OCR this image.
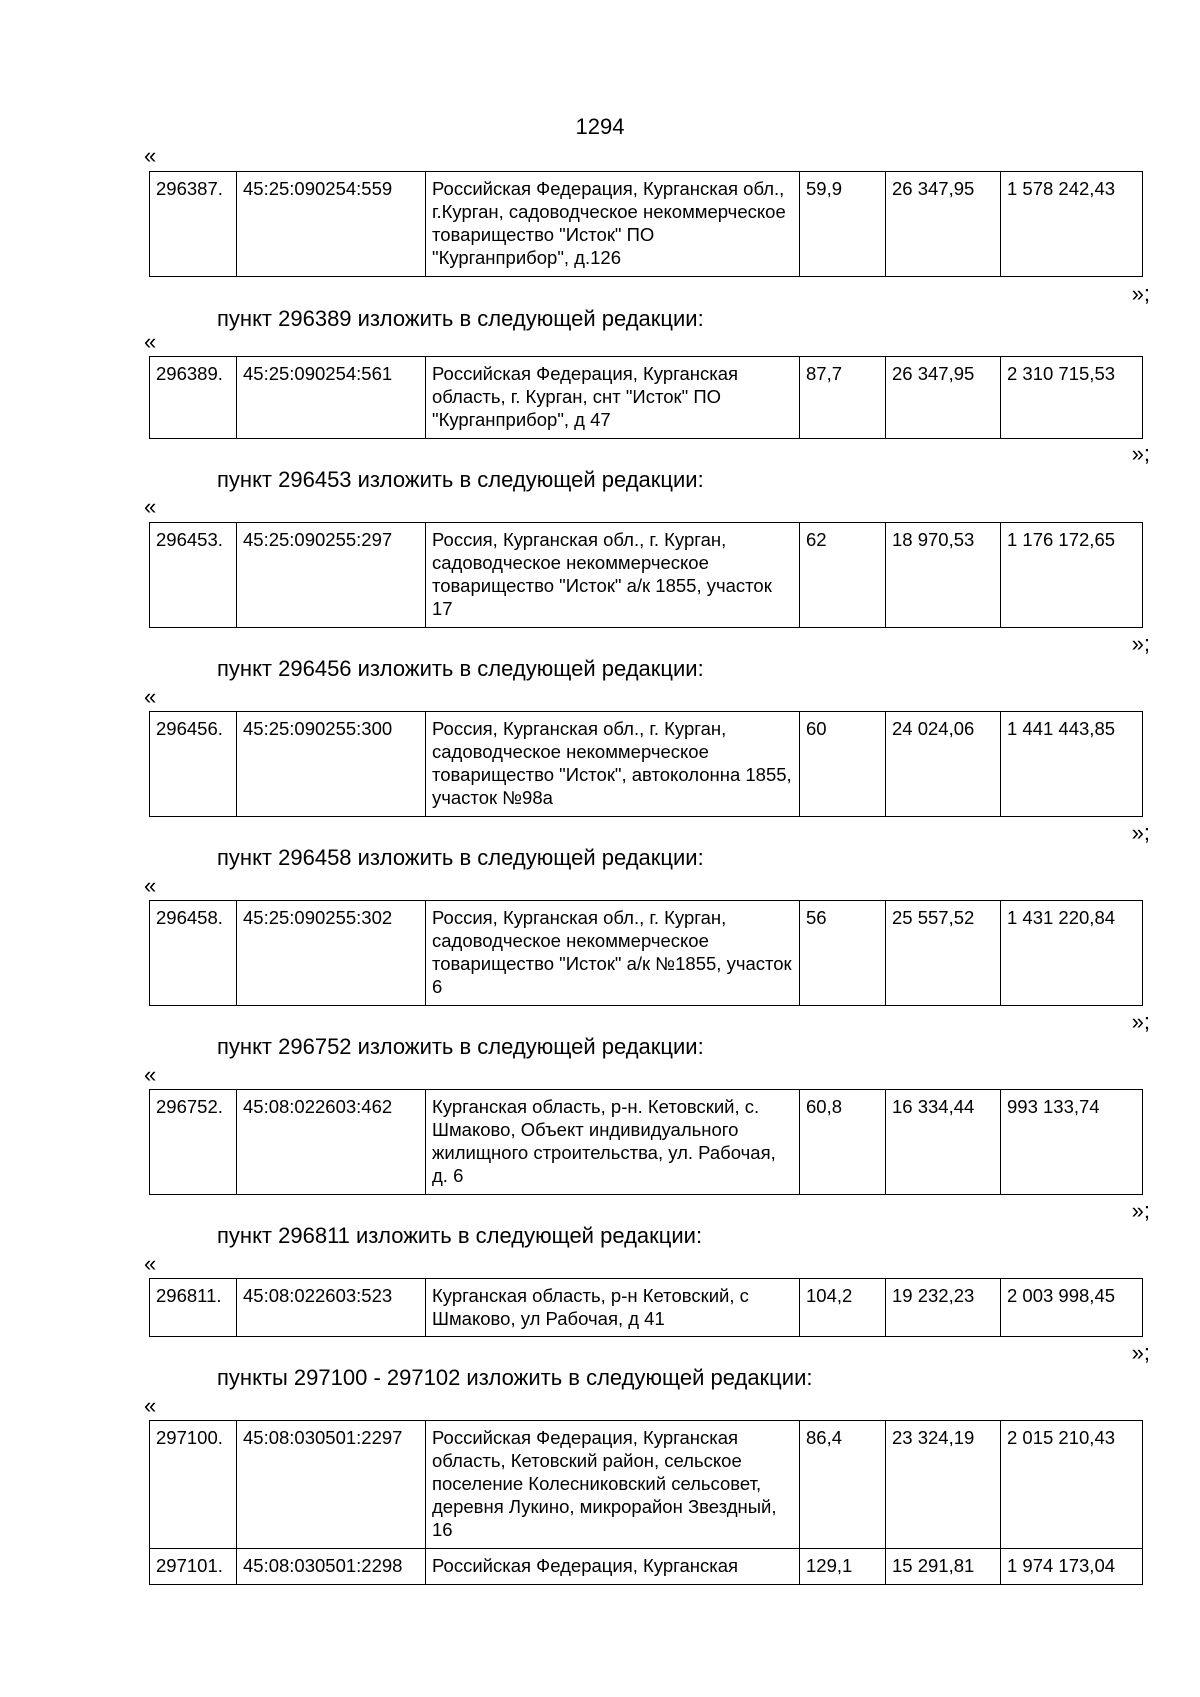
1294
«
296387.	45:25:090254:559	Российская Федерация, Курганская обл., г.Курган, садоводческое некоммерческое товарищество "Исток" ПО "Курганприбор", д.126	59,9	26 347,95	1 578 242,43
»;
пункт 296389 изложить в следующей редакции:
«
296389.	45:25:090254:561	Российская Федерация, Курганская область, г. Курган, снт "Исток" ПО "Курганприбор", д 47	87,7	26 347,95	2 310 715,53
»;
пункт 296453 изложить в следующей редакции:
«
296453.	45:25:090255:297	Россия, Курганская обл., г. Курган, садоводческое некоммерческое товарищество "Исток" а/к 1855, участок 17	62	18 970,53	1 176 172,65
»;
пункт 296456 изложить в следующей редакции:
«
296456.	45:25:090255:300	Россия, Курганская обл., г. Курган, садоводческое некоммерческое товарищество "Исток", автоколонна 1855, участок №98а	60	24 024,06	1 441 443,85
»;
пункт 296458 изложить в следующей редакции:
«
296458.	45:25:090255:302	Россия, Курганская обл., г. Курган, садоводческое некоммерческое товарищество "Исток" а/к №1855, участок 6	56	25 557,52	1 431 220,84
»;
пункт 296752 изложить в следующей редакции:
«
296752.	45:08:022603:462	Курганская область, р-н. Кетовский, с. Шмаково, Объект индивидуального жилищного строительства, ул. Рабочая, д. 6	60,8	16 334,44	993 133,74
»;
пункт 296811 изложить в следующей редакции:
«
296811.	45:08:022603:523	Курганская область, р-н Кетовский, с Шмаково, ул Рабочая, д 41	104,2	19 232,23	2 003 998,45
»;
пункты 297100 - 297102 изложить в следующей редакции:
«
297100.	45:08:030501:2297	Российская Федерация, Курганская область, Кетовский район, сельское поселение Колесниковский сельсовет, деревня Лукино, микрорайон Звездный, 16	86,4	23 324,19	2 015 210,43
297101.	45:08:030501:2298	Российская Федерация, Курганская	129,1	15 291,81	1 974 173,04
